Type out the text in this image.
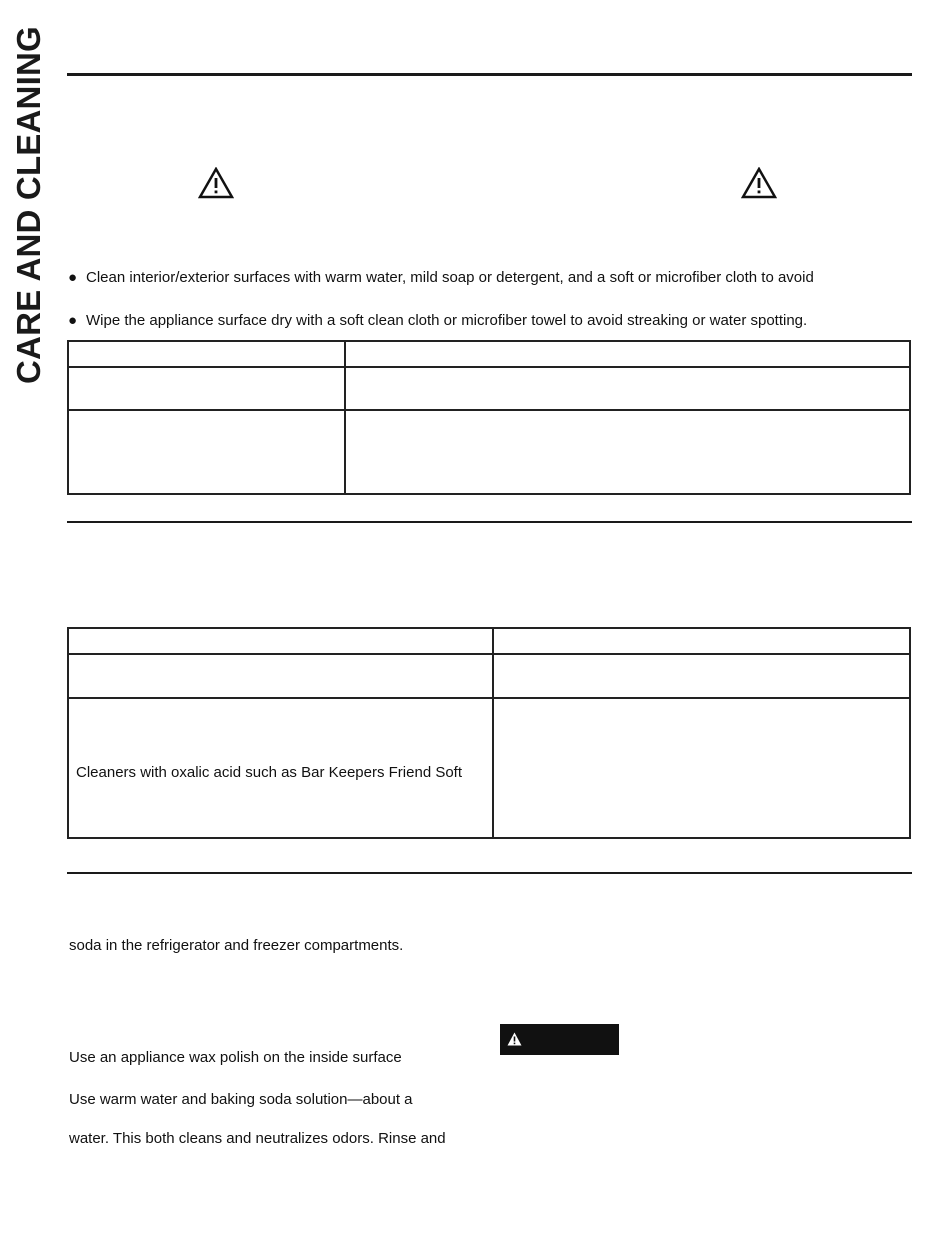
CARE AND CLEANING ● Clean interior/exterior surfaces with warm water, mild soap or detergent, and a soft or microfiber cloth to avoid
● Wipe the appliance surface dry with a soft clean cloth or microfiber towel to avoid streaking or water spotting.
Cleaners with oxalic acid such as Bar Keepers Friend Soft
soda in the refrigerator and freezer compartments.
Use an appliance wax polish on the inside surface
Use warm water and baking soda solution—about a
water. This both cleans and neutralizes odors. Rinse and
